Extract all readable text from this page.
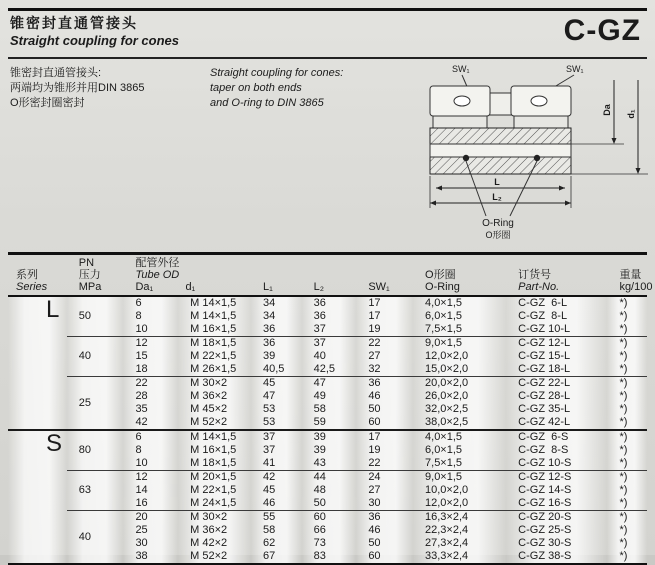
锥密封直通管接头
Straight coupling for cones	C-GZ
锥密封直通管接头:
两端均为锥形并用DIN 3865
O形密封圈密封
Straight coupling for cones:
taper on both ends
and O-ring to DIN 3865
SW₁	SW₁
L
L₂
Da d₁
O-Ring
O形圈
系列
Series

PN
压力
MPa

配管外径
Tube OD
Da₁	d₁	L₁	L₂	SW₁

O形圈
O-Ring

订货号
Part-No.

重量
kg/100

L	50	6	M 14×1,5	34	36	17	4,0×1,5	C-GZ  6-L	*)
		8	M 14×1,5	34	36	17	6,0×1,5	C-GZ  8-L	*)
		10	M 16×1,5	36	37	19	7,5×1,5	C-GZ 10-L	*)
	40	12	M 18×1,5	36	37	22	9,0×1,5	C-GZ 12-L	*)
		15	M 22×1,5	39	40	27	12,0×2,0	C-GZ 15-L	*)
		18	M 26×1,5	40,5	42,5	32	15,0×2,0	C-GZ 18-L	*)
	25	22	M 30×2	45	47	36	20,0×2,0	C-GZ 22-L	*)
		28	M 36×2	47	49	46	26,0×2,0	C-GZ 28-L	*)
		35	M 45×2	53	58	50	32,0×2,5	C-GZ 35-L	*)
		42	M 52×2	53	59	60	38,0×2,5	C-GZ 42-L	*)
S	80	6	M 14×1,5	37	39	17	4,0×1,5	C-GZ  6-S	*)
		8	M 16×1,5	37	39	19	6,0×1,5	C-GZ  8-S	*)
		10	M 18×1,5	41	43	22	7,5×1,5	C-GZ 10-S	*)
	63	12	M 20×1,5	42	44	24	9,0×1,5	C-GZ 12-S	*)
		14	M 22×1,5	45	48	27	10,0×2,0	C-GZ 14-S	*)
		16	M 24×1,5	46	50	30	12,0×2,0	C-GZ 16-S	*)
	40	20	M 30×2	55	60	36	16,3×2,4	C-GZ 20-S	*)
		25	M 36×2	58	66	46	22,3×2,4	C-GZ 25-S	*)
		30	M 42×2	62	73	50	27,3×2,4	C-GZ 30-S	*)
		38	M 52×2	67	83	60	33,3×2,4	C-GZ 38-S	*)
